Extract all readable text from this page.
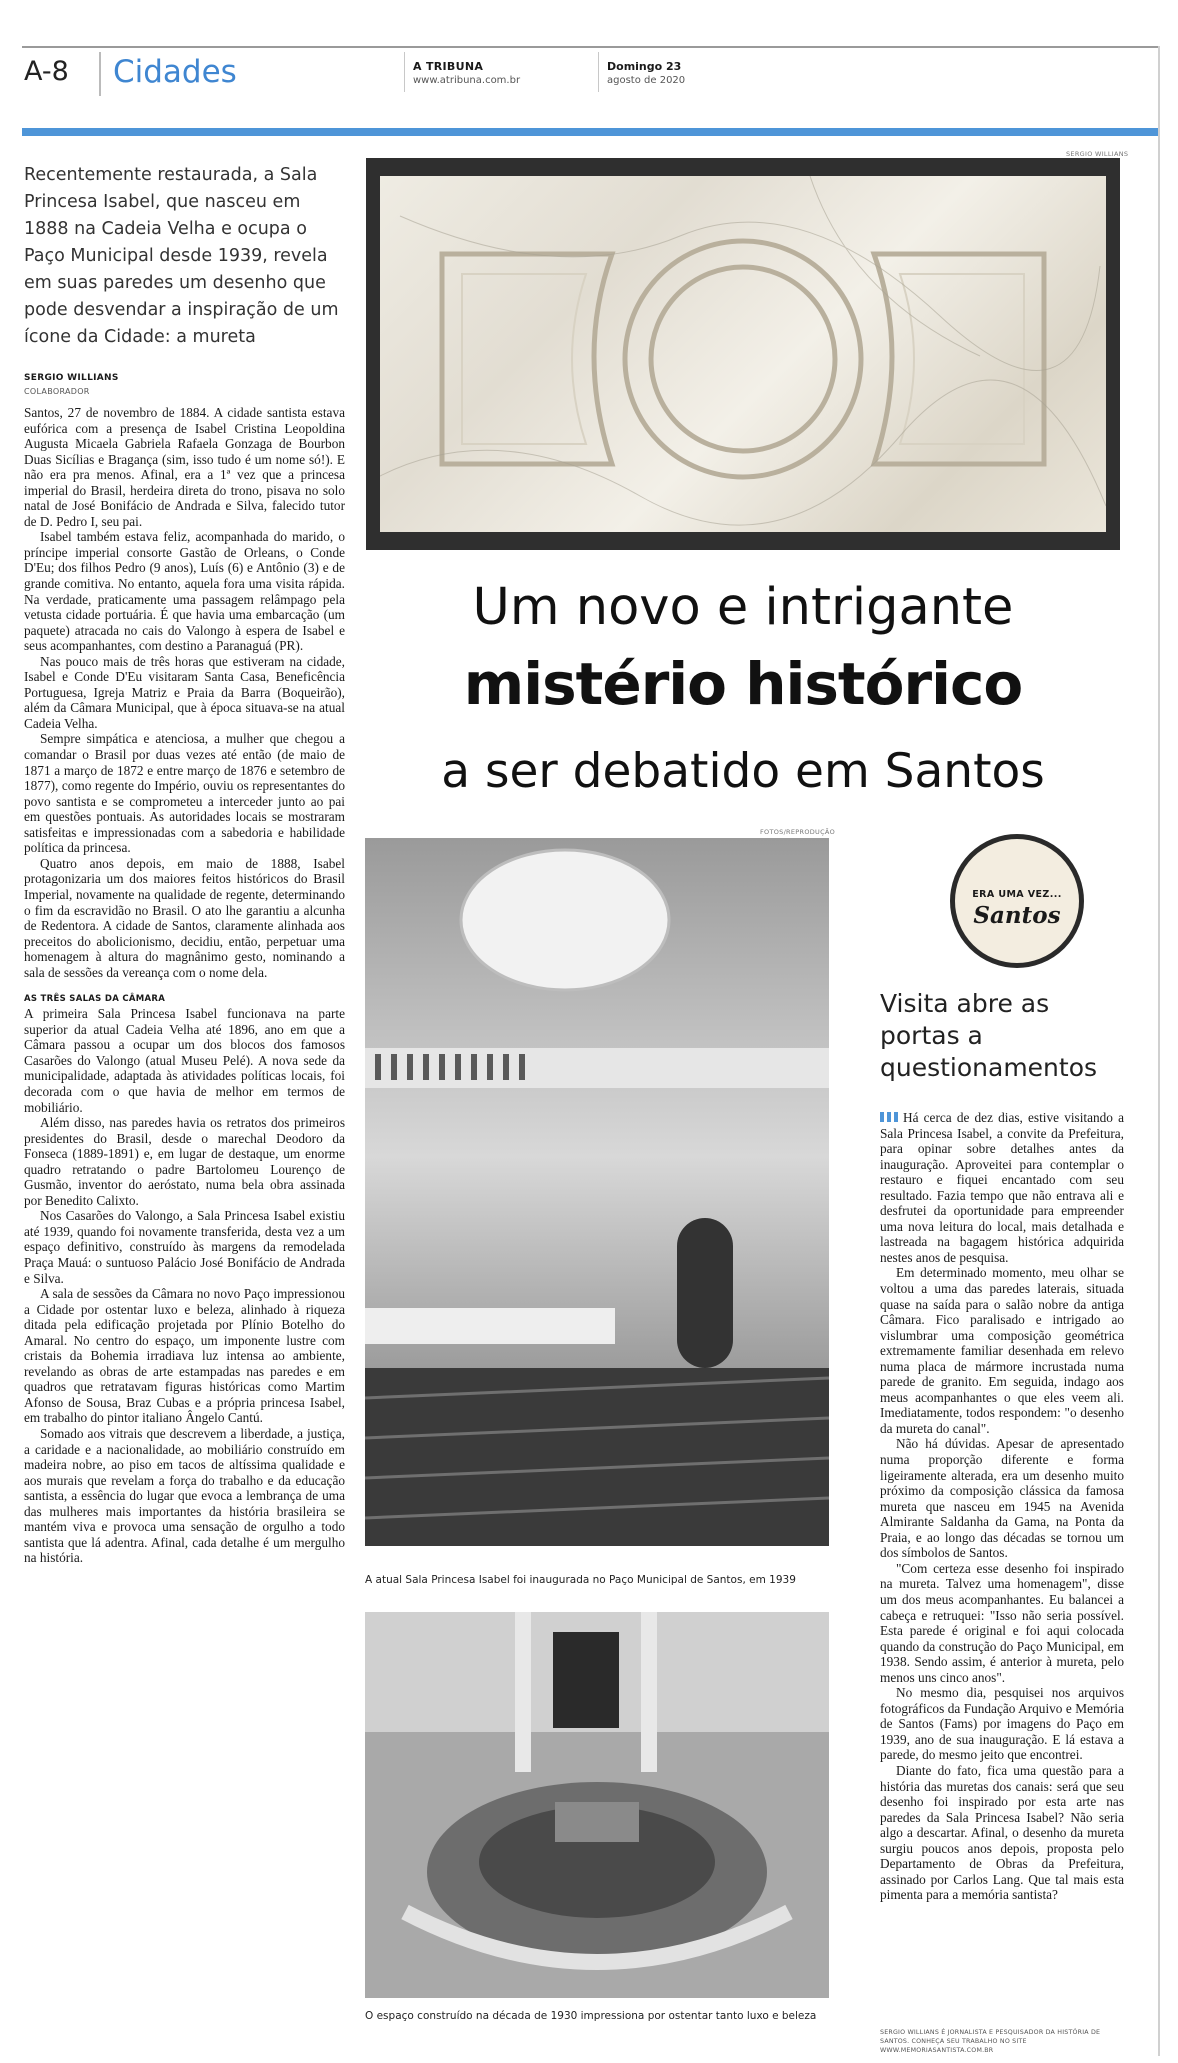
A-8 Cidades	A TRIBUNA
www.atribuna.com.br
Domingo 23
agosto de 2020
Recentemente restaurada, a Sala Princesa Isabel, que nasceu em 1888 na Cadeia Velha e ocupa o Paço Municipal desde 1939, revela em suas paredes um desenho que pode desvendar a inspiração de um ícone da Cidade: a mureta
SERGIO WILLIANS
COLABORADOR

Santos, 27 de novembro de 1884. A cidade santista estava eufórica com a presença de Isabel Cristina Leopoldina Augusta Micaela Gabriela Rafaela Gonzaga de Bourbon Duas Sicílias e Bragança (sim, isso tudo é um nome só!). E não era pra menos. Afinal, era a 1ª vez que a princesa imperial do Brasil, herdeira direta do trono, pisava no solo natal de José Bonifácio de Andrada e Silva, falecido tutor de D. Pedro I, seu pai.

Isabel também estava feliz, acompanhada do marido, o príncipe imperial consorte Gastão de Orleans, o Conde D'Eu; dos filhos Pedro (9 anos), Luís (6) e Antônio (3) e de grande comitiva. No entanto, aquela fora uma visita rápida. Na verdade, praticamente uma passagem relâmpago pela vetusta cidade portuária. É que havia uma embarcação (um paquete) atracada no cais do Valongo à espera de Isabel e seus acompanhantes, com destino a Paranaguá (PR).

Nas pouco mais de três horas que estiveram na cidade, Isabel e Conde D'Eu visitaram Santa Casa, Beneficência Portuguesa, Igreja Matriz e Praia da Barra (Boqueirão), além da Câmara Municipal, que à época situava-se na atual Cadeia Velha.

Sempre simpática e atenciosa, a mulher que chegou a comandar o Brasil por duas vezes até então (de maio de 1871 a março de 1872 e entre março de 1876 e setembro de 1877), como regente do Império, ouviu os representantes do povo santista e se comprometeu a interceder junto ao pai em questões pontuais. As autoridades locais se mostraram satisfeitas e impressionadas com a sabedoria e habilidade política da princesa.

Quatro anos depois, em maio de 1888, Isabel protagonizaria um dos maiores feitos históricos do Brasil Imperial, novamente na qualidade de regente, determinando o fim da escravidão no Brasil. O ato lhe garantiu a alcunha de Redentora. A cidade de Santos, claramente alinhada aos preceitos do abolicionismo, decidiu, então, perpetuar uma homenagem à altura do magnânimo gesto, nominando a sala de sessões da vereança com o nome dela.

AS TRÊS SALAS DA CÂMARA

A primeira Sala Princesa Isabel funcionava na parte superior da atual Cadeia Velha até 1896, ano em que a Câmara passou a ocupar um dos blocos dos famosos Casarões do Valongo (atual Museu Pelé). A nova sede da municipalidade, adaptada às atividades políticas locais, foi decorada com o que havia de melhor em termos de mobiliário.

Além disso, nas paredes havia os retratos dos primeiros presidentes do Brasil, desde o marechal Deodoro da Fonseca (1889-1891) e, em lugar de destaque, um enorme quadro retratando o padre Bartolomeu Lourenço de Gusmão, inventor do aeróstato, numa bela obra assinada por Benedito Calixto.

Nos Casarões do Valongo, a Sala Princesa Isabel existiu até 1939, quando foi novamente transferida, desta vez a um espaço definitivo, construído às margens da remodelada Praça Mauá: o suntuoso Palácio José Bonifácio de Andrada e Silva.

A sala de sessões da Câmara no novo Paço impressionou a Cidade por ostentar luxo e beleza, alinhado à riqueza ditada pela edificação projetada por Plínio Botelho do Amaral. No centro do espaço, um imponente lustre com cristais da Bohemia irradiava luz intensa ao ambiente, revelando as obras de arte estampadas nas paredes e em quadros que retratavam figuras históricas como Martim Afonso de Sousa, Braz Cubas e a própria princesa Isabel, em trabalho do pintor italiano Ângelo Cantú.

Somado aos vitrais que descrevem a liberdade, a justiça, a caridade e a nacionalidade, ao mobiliário construído em madeira nobre, ao piso em tacos de altíssima qualidade e aos murais que revelam a força do trabalho e da educação santista, a essência do lugar que evoca a lembrança de uma das mulheres mais importantes da história brasileira se mantém viva e provoca uma sensação de orgulho a todo santista que lá adentra. Afinal, cada detalhe é um mergulho na história.

SERGIO WILLIANS
Um novo e intrigante
mistério histórico
a ser debatido em Santos
FOTOS/REPRODUÇÃO
A atual Sala Princesa Isabel foi inaugurada no Paço Municipal de Santos, em 1939
O espaço construído na década de 1930 impressiona por ostentar tanto luxo e beleza
ERA UMA VEZ...
Santos
Visita abre as portas a questionamentos

Há cerca de dez dias, estive visitando a Sala Princesa Isabel, a convite da Prefeitura, para opinar sobre detalhes antes da inauguração. Aproveitei para contemplar o restauro e fiquei encantado com seu resultado. Fazia tempo que não entrava ali e desfrutei da oportunidade para empreender uma nova leitura do local, mais detalhada e lastreada na bagagem histórica adquirida nestes anos de pesquisa.

Em determinado momento, meu olhar se voltou a uma das paredes laterais, situada quase na saída para o salão nobre da antiga Câmara. Fico paralisado e intrigado ao vislumbrar uma composição geométrica extremamente familiar desenhada em relevo numa placa de mármore incrustada numa parede de granito. Em seguida, indago aos meus acompanhantes o que eles veem ali. Imediatamente, todos respondem: "o desenho da mureta do canal".

Não há dúvidas. Apesar de apresentado numa proporção diferente e forma ligeiramente alterada, era um desenho muito próximo da composição clássica da famosa mureta que nasceu em 1945 na Avenida Almirante Saldanha da Gama, na Ponta da Praia, e ao longo das décadas se tornou um dos símbolos de Santos.

"Com certeza esse desenho foi inspirado na mureta. Talvez uma homenagem", disse um dos meus acompanhantes. Eu balancei a cabeça e retruquei: "Isso não seria possível. Esta parede é original e foi aqui colocada quando da construção do Paço Municipal, em 1938. Sendo assim, é anterior à mureta, pelo menos uns cinco anos".

No mesmo dia, pesquisei nos arquivos fotográficos da Fundação Arquivo e Memória de Santos (Fams) por imagens do Paço em 1939, ano de sua inauguração. E lá estava a parede, do mesmo jeito que encontrei.

Diante do fato, fica uma questão para a história das muretas dos canais: será que seu desenho foi inspirado por esta arte nas paredes da Sala Princesa Isabel? Não seria algo a descartar. Afinal, o desenho da mureta surgiu poucos anos depois, proposta pelo Departamento de Obras da Prefeitura, assinado por Carlos Lang. Que tal mais esta pimenta para a memória santista?

SERGIO WILLIANS É JORNALISTA E PESQUISADOR DA HISTÓRIA DE SANTOS. CONHEÇA SEU TRABALHO NO SITE WWW.MEMORIASANTISTA.COM.BR
